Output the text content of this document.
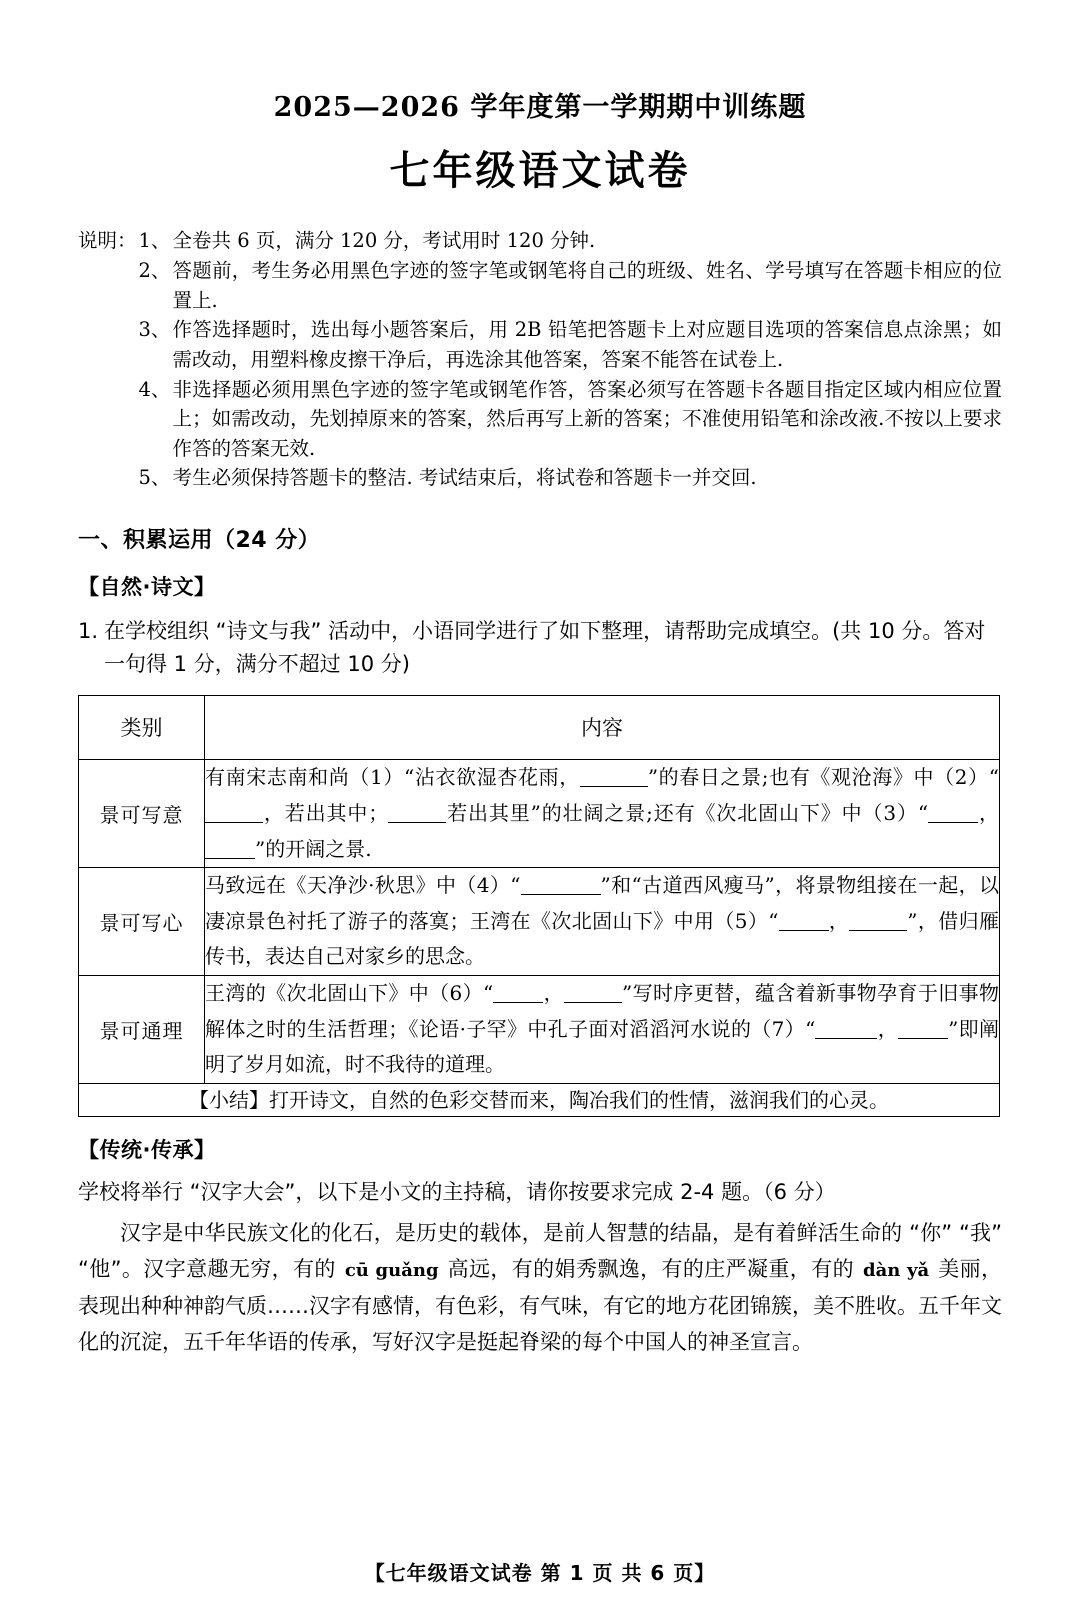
2025—2026 学年度第一学期期中训练题
七年级语文试卷
说明： 1、 全卷共 6 页，满分 120 分，考试用时 120 分钟.
2、 答题前，考生务必用黑色字迹的签字笔或钢笔将自己的班级、姓名、学号填写在答题卡相应的位置上.
3、 作答选择题时，选出每小题答案后，用 2B 铅笔把答题卡上对应题目选项的答案信息点涂黑；如需改动，用塑料橡皮擦干净后，再选涂其他答案，答案不能答在试卷上.
4、 非选择题必须用黑色字迹的签字笔或钢笔作答，答案必须写在答题卡各题目指定区域内相应位置上；如需改动，先划掉原来的答案，然后再写上新的答案；不准使用铅笔和涂改液.不按以上要求作答的答案无效.
5、 考生必须保持答题卡的整洁. 考试结束后，将试卷和答题卡一并交回.
一、积累运用（24 分）
【自然·诗文】
1. 在学校组织 “诗文与我” 活动中，小语同学进行了如下整理，请帮助完成填空。(共 10 分。答对一句得 1 分，满分不超过 10 分)
类别	内容

景可写意	有南宋志南和尚（1）“沾衣欲湿杏花雨， ”的春日之景;也有《观沧海》中（2）“，若出其中； 若出其里”的壮阔之景;还有《次北固山下》中（3）“ ，”的开阔之景.
景可写心	马致远在《天净沙·秋思》中（4）“ ”和“古道西风瘦马”，将景物组接在一起，以凄凉景色衬托了游子的落寞；王湾在《次北固山下》中用（5）“ ， ”，借归雁传书，表达自己对家乡的思念。
景可通理	王湾的《次北固山下》中（6）“ ， ”写时序更替，蕴含着新事物孕育于旧事物解体之时的生活哲理；《论语·子罕》中孔子面对滔滔河水说的（7）“ ， ”即阐明了岁月如流，时不我待的道理。
【小结】打开诗文，自然的色彩交替而来，陶冶我们的性情，滋润我们的心灵。	
【传统·传承】
学校将举行 “汉字大会”，以下是小文的主持稿，请你按要求完成 2-4 题。（6 分）
汉字是中华民族文化的化石，是历史的载体，是前人智慧的结晶，是有着鲜活生命的 “你” “我” “他”。汉字意趣无穷，有的 cū guǎng 高远，有的娟秀飘逸，有的庄严凝重，有的 dàn yǎ 美丽，表现出种种神韵气质……汉字有感情，有色彩，有气味，有它的地方花团锦簇，美不胜收。五千年文化的沉淀，五千年华语的传承，写好汉字是挺起脊梁的每个中国人的神圣宣言。
【七年级语文试卷 第 1 页 共 6 页】
